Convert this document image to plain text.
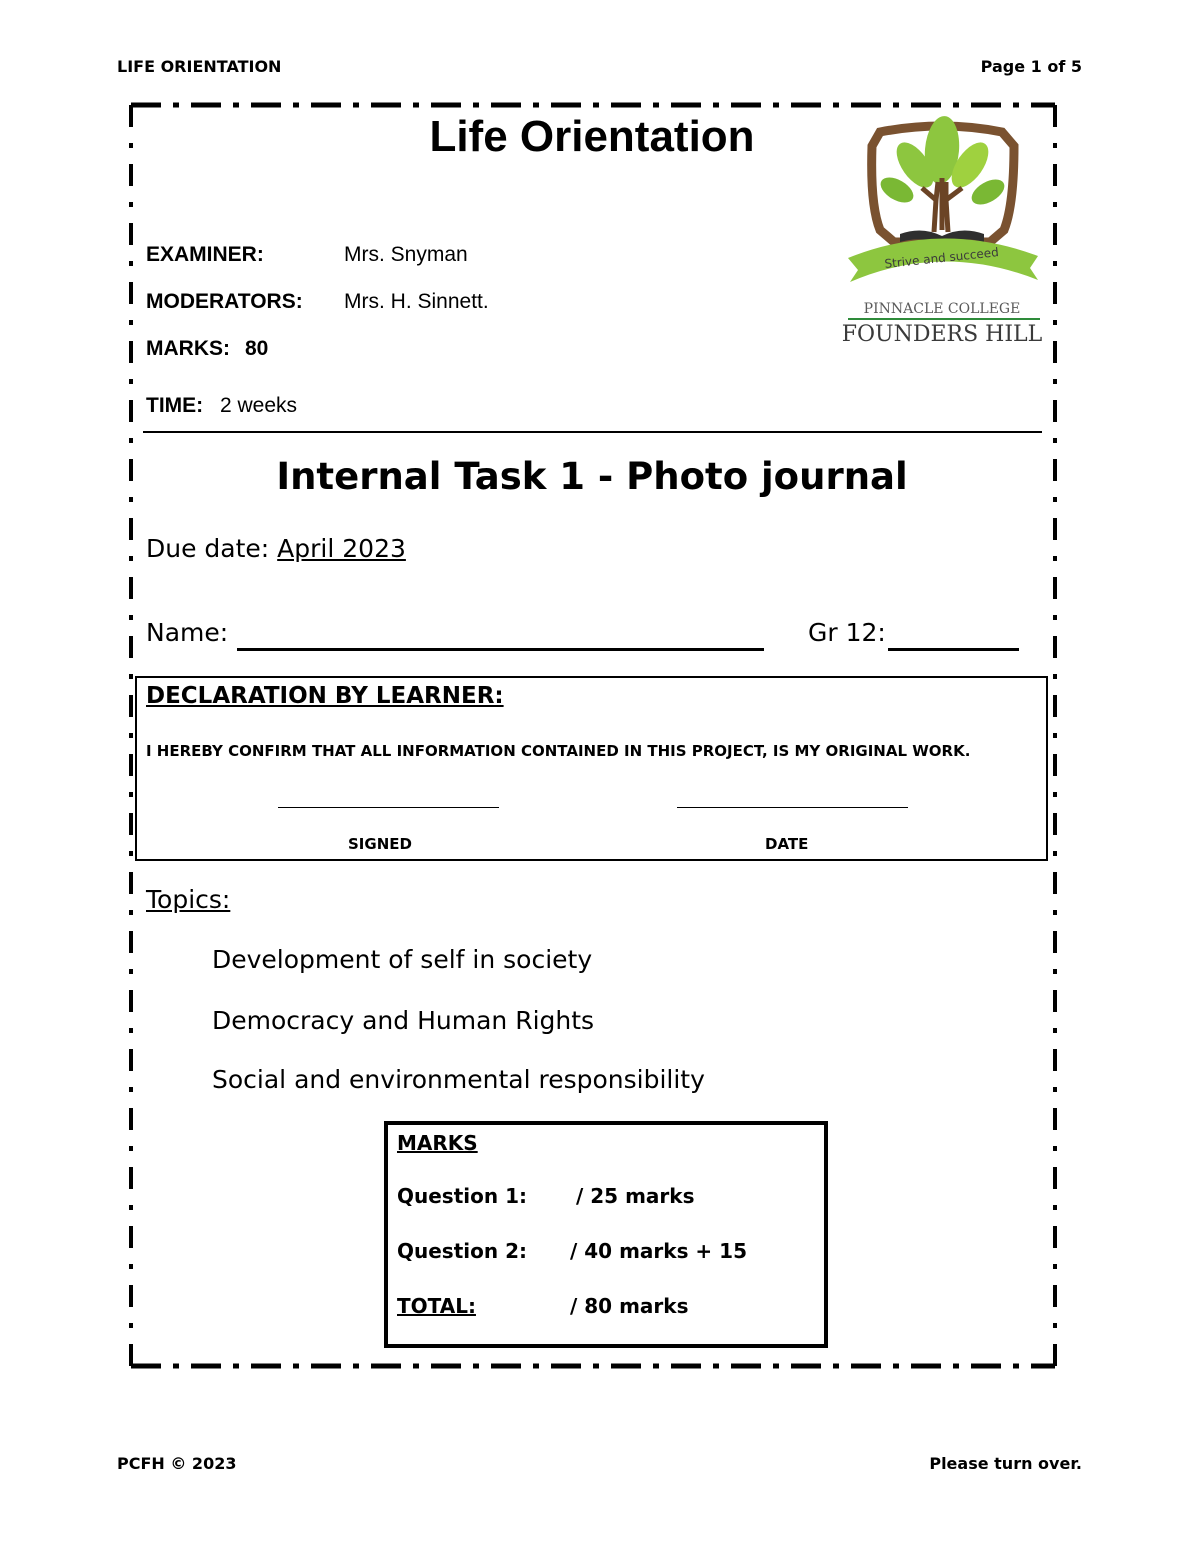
LIFE ORIENTATION	Page 1 of 5
Life Orientation
EXAMINER:	Mrs. Snyman
MODERATORS: Mrs. H. Sinnett.
MARKS: 80
TIME: 2 weeks
Strive and succeed
PINNACLE COLLEGE
FOUNDERS HILL
Internal Task 1 - Photo journal
Due date: April 2023
Name:	Gr 12:
DECLARATION BY LEARNER:
I HEREBY CONFIRM THAT ALL INFORMATION CONTAINED IN THIS PROJECT, IS MY ORIGINAL WORK.
SIGNED	DATE
Topics:
Development of self in society
Democracy and Human Rights
Social and environmental responsibility
MARKS
Question 1: / 25 marks
Question 2: / 40 marks + 15
TOTAL:	/ 80 marks
PCFH © 2023	Please turn over.
